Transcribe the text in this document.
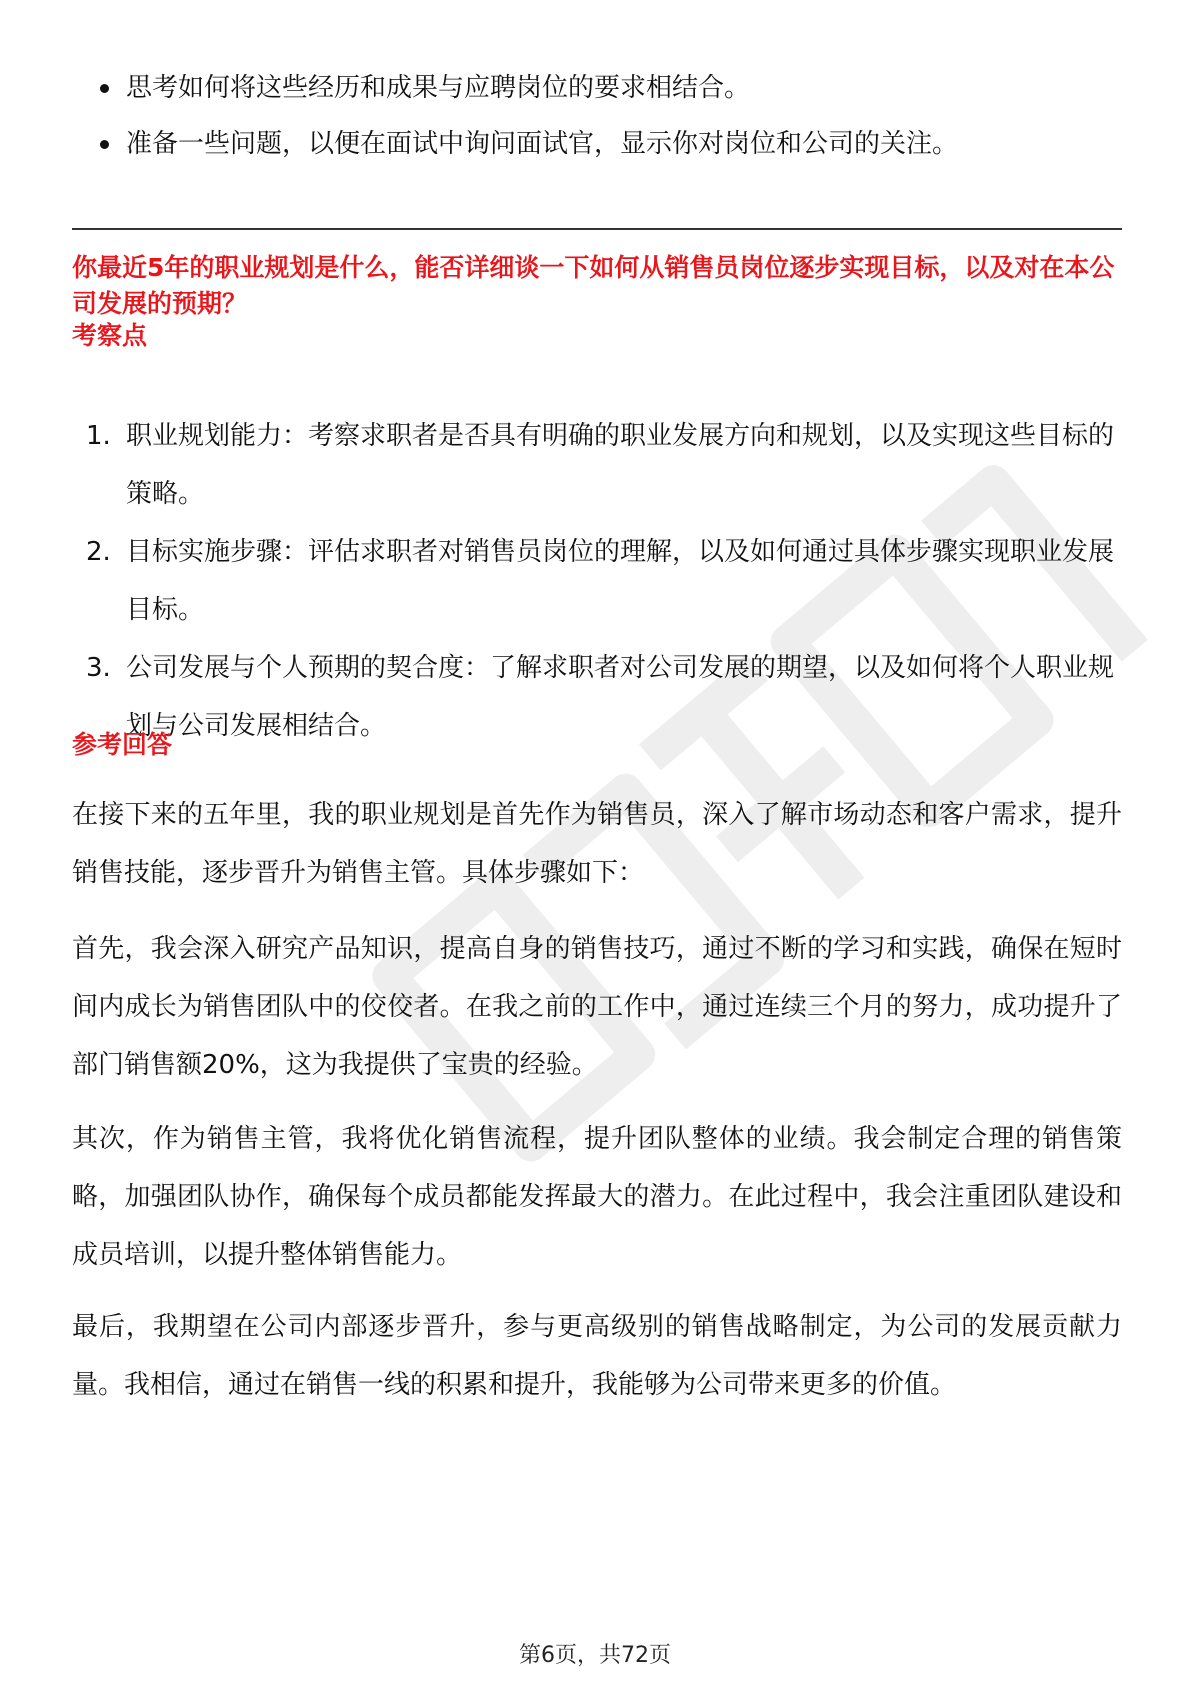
思考如何将这些经历和成果与应聘岗位的要求相结合。
准备一些问题，以便在面试中询问面试官，显示你对岗位和公司的关注。
你最近5年的职业规划是什么，能否详细谈一下如何从销售员岗位逐步实现目标，以及对在本公司发展的预期？
考察点
1. 职业规划能力：考察求职者是否具有明确的职业发展方向和规划，以及实现这些目标的策略。
2. 目标实施步骤：评估求职者对销售员岗位的理解，以及如何通过具体步骤实现职业发展目标。
3. 公司发展与个人预期的契合度：了解求职者对公司发展的期望，以及如何将个人职业规划与公司发展相结合。
参考回答
在接下来的五年里，我的职业规划是首先作为销售员，深入了解市场动态和客户需求，提升销售技能，逐步晋升为销售主管。具体步骤如下：
首先，我会深入研究产品知识，提高自身的销售技巧，通过不断的学习和实践，确保在短时间内成长为销售团队中的佼佼者。在我之前的工作中，通过连续三个月的努力，成功提升了部门销售额20%，这为我提供了宝贵的经验。
其次，作为销售主管，我将优化销售流程，提升团队整体的业绩。我会制定合理的销售策略，加强团队协作，确保每个成员都能发挥最大的潜力。在此过程中，我会注重团队建设和成员培训，以提升整体销售能力。
最后，我期望在公司内部逐步晋升，参与更高级别的销售战略制定，为公司的发展贡献力量。我相信，通过在销售一线的积累和提升，我能够为公司带来更多的价值。
第6页，共72页
